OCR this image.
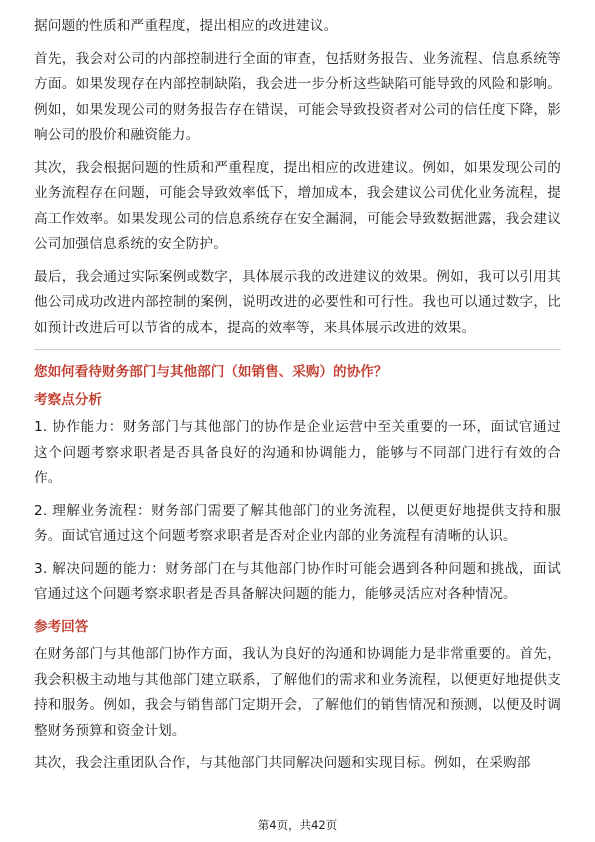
据问题的性质和严重程度，提出相应的改进建议。

首先，我会对公司的内部控制进行全面的审查，包括财务报告、业务流程、信息系统等方面。如果发现存在内部控制缺陷，我会进一步分析这些缺陷可能导致的风险和影响。例如，如果发现公司的财务报告存在错误，可能会导致投资者对公司的信任度下降，影响公司的股价和融资能力。

其次，我会根据问题的性质和严重程度，提出相应的改进建议。例如，如果发现公司的业务流程存在问题，可能会导致效率低下，增加成本，我会建议公司优化业务流程，提高工作效率。如果发现公司的信息系统存在安全漏洞，可能会导致数据泄露，我会建议公司加强信息系统的安全防护。

最后，我会通过实际案例或数字，具体展示我的改进建议的效果。例如，我可以引用其他公司成功改进内部控制的案例，说明改进的必要性和可行性。我也可以通过数字，比如预计改进后可以节省的成本，提高的效率等，来具体展示改进的效果。

您如何看待财务部门与其他部门（如销售、采购）的协作？
考察点分析

1. 协作能力：财务部门与其他部门的协作是企业运营中至关重要的一环，面试官通过这个问题考察求职者是否具备良好的沟通和协调能力，能够与不同部门进行有效的合作。

2. 理解业务流程：财务部门需要了解其他部门的业务流程，以便更好地提供支持和服务。面试官通过这个问题考察求职者是否对企业内部的业务流程有清晰的认识。

3. 解决问题的能力：财务部门在与其他部门协作时可能会遇到各种问题和挑战，面试官通过这个问题考察求职者是否具备解决问题的能力，能够灵活应对各种情况。

参考回答

在财务部门与其他部门协作方面，我认为良好的沟通和协调能力是非常重要的。首先，我会积极主动地与其他部门建立联系，了解他们的需求和业务流程，以便更好地提供支持和服务。例如，我会与销售部门定期开会，了解他们的销售情况和预测，以便及时调整财务预算和资金计划。

其次，我会注重团队合作，与其他部门共同解决问题和实现目标。例如，在采购部

第4页，共42页
